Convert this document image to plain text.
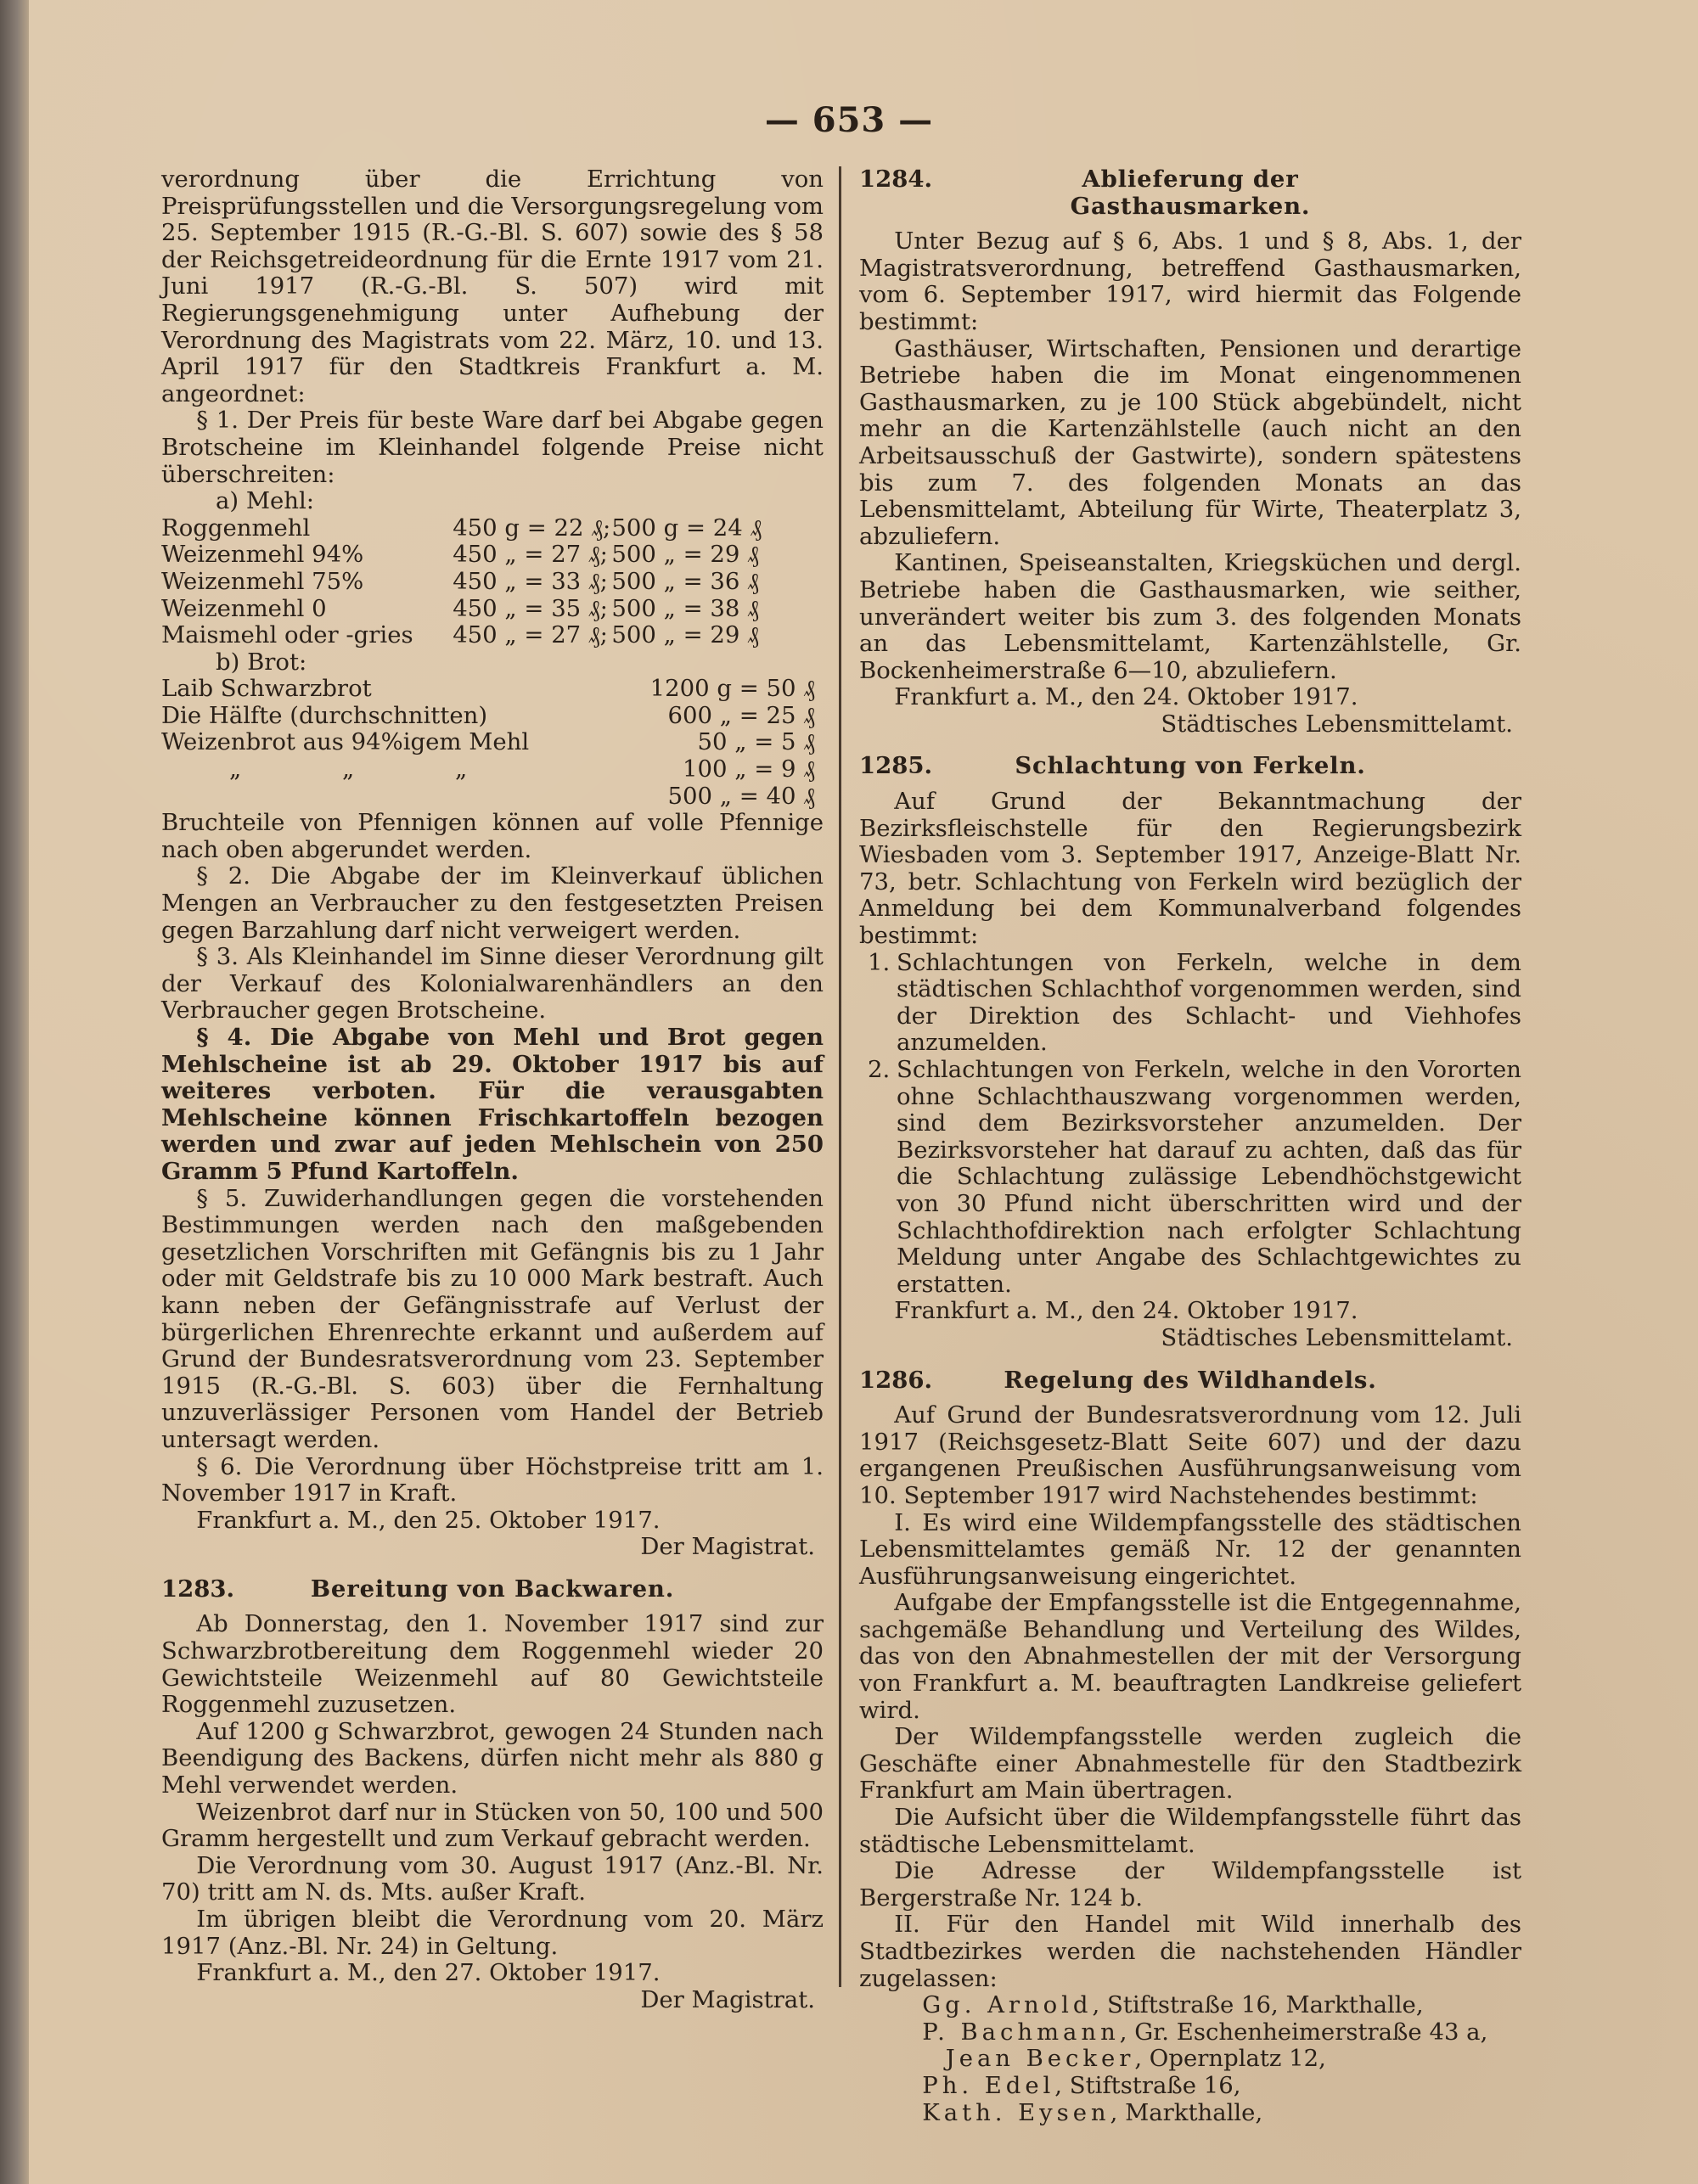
— 653 —

verordnung über die Errichtung von Preisprüfungsstellen und die Versorgungsregelung vom 25. September 1915 (R.-G.-Bl. S. 607) sowie des § 58 der Reichsgetreideordnung für die Ernte 1917 vom 21. Juni 1917 (R.-G.-Bl. S. 507) wird mit Regierungsgenehmigung unter Aufhebung der Verordnung des Magistrats vom 22. März, 10. und 13. April 1917 für den Stadtkreis Frankfurt a. M. angeordnet:

§ 1. Der Preis für beste Ware darf bei Abgabe gegen Brotscheine im Kleinhandel folgende Preise nicht überschreiten:

a) Mehl:
Roggenmehl	450 g = 22 ₰;	500 g = 24 ₰
Weizenmehl 94%	450 „ = 27 ₰;	500 „ = 29 ₰
Weizenmehl 75%	450 „ = 33 ₰;	500 „ = 36 ₰
Weizenmehl 0	450 „ = 35 ₰;	500 „ = 38 ₰
Maismehl oder -gries	450 „ = 27 ₰;	500 „ = 29 ₰
b) Brot:
Laib Schwarzbrot	1200 g = 50 ₰
Die Hälfte (durchschnitten)	600 „ = 25 ₰
Weizenbrot aus 94%igem Mehl	50 „ = 5 ₰
„ „ „	100 „ = 9 ₰
	500 „ = 40 ₰

Bruchteile von Pfennigen können auf volle Pfennige nach oben abgerundet werden.

§ 2. Die Abgabe der im Kleinverkauf üblichen Mengen an Verbraucher zu den festgesetzten Preisen gegen Barzahlung darf nicht verweigert werden.

§ 3. Als Kleinhandel im Sinne dieser Verordnung gilt der Verkauf des Kolonialwarenhändlers an den Verbraucher gegen Brotscheine.

§ 4. Die Abgabe von Mehl und Brot gegen Mehlscheine ist ab 29. Oktober 1917 bis auf weiteres verboten. Für die verausgabten Mehlscheine können Frischkartoffeln bezogen werden und zwar auf jeden Mehlschein von 250 Gramm 5 Pfund Kartoffeln.

§ 5. Zuwiderhandlungen gegen die vorstehenden Bestimmungen werden nach den maßgebenden gesetzlichen Vorschriften mit Gefängnis bis zu 1 Jahr oder mit Geldstrafe bis zu 10 000 Mark bestraft. Auch kann neben der Gefängnisstrafe auf Verlust der bürgerlichen Ehrenrechte erkannt und außerdem auf Grund der Bundesratsverordnung vom 23. September 1915 (R.-G.-Bl. S. 603) über die Fernhaltung unzuverlässiger Personen vom Handel der Betrieb untersagt werden.

§ 6. Die Verordnung über Höchstpreise tritt am 1. November 1917 in Kraft.

Frankfurt a. M., den 25. Oktober 1917.

Der Magistrat.

1283.	Bereitung von Backwaren.

Ab Donnerstag, den 1. November 1917 sind zur Schwarzbrotbereitung dem Roggenmehl wieder 20 Gewichtsteile Weizenmehl auf 80 Gewichtsteile Roggenmehl zuzusetzen.

Auf 1200 g Schwarzbrot, gewogen 24 Stunden nach Beendigung des Backens, dürfen nicht mehr als 880 g Mehl verwendet werden.

Weizenbrot darf nur in Stücken von 50, 100 und 500 Gramm hergestellt und zum Verkauf gebracht werden.

Die Verordnung vom 30. August 1917 (Anz.-Bl. Nr. 70) tritt am N. ds. Mts. außer Kraft.

Im übrigen bleibt die Verordnung vom 20. März 1917 (Anz.-Bl. Nr. 24) in Geltung.

Frankfurt a. M., den 27. Oktober 1917.

Der Magistrat.

1284.	Ablieferung der Gasthausmarken.

Unter Bezug auf § 6, Abs. 1 und § 8, Abs. 1, der Magistratsverordnung, betreffend Gasthausmarken, vom 6. September 1917, wird hiermit das Folgende bestimmt:

Gasthäuser, Wirtschaften, Pensionen und derartige Betriebe haben die im Monat eingenommenen Gasthausmarken, zu je 100 Stück abgebündelt, nicht mehr an die Kartenzählstelle (auch nicht an den Arbeitsausschuß der Gastwirte), sondern spätestens bis zum 7. des folgenden Monats an das Lebensmittelamt, Abteilung für Wirte, Theaterplatz 3, abzuliefern.

Kantinen, Speiseanstalten, Kriegsküchen und dergl. Betriebe haben die Gasthausmarken, wie seither, unverändert weiter bis zum 3. des folgenden Monats an das Lebensmittelamt, Kartenzählstelle, Gr. Bockenheimerstraße 6—10, abzuliefern.

Frankfurt a. M., den 24. Oktober 1917.

Städtisches Lebensmittelamt.

1285.	Schlachtung von Ferkeln.

Auf Grund der Bekanntmachung der Bezirksfleischstelle für den Regierungsbezirk Wiesbaden vom 3. September 1917, Anzeige-Blatt Nr. 73, betr. Schlachtung von Ferkeln wird bezüglich der Anmeldung bei dem Kommunalverband folgendes bestimmt:

1. Schlachtungen von Ferkeln, welche in dem städtischen Schlachthof vorgenommen werden, sind der Direktion des Schlacht- und Viehhofes anzumelden.
2. Schlachtungen von Ferkeln, welche in den Vororten ohne Schlachthauszwang vorgenommen werden, sind dem Bezirksvorsteher anzumelden. Der Bezirksvorsteher hat darauf zu achten, daß das für die Schlachtung zulässige Lebendhöchstgewicht von 30 Pfund nicht überschritten wird und der Schlachthofdirektion nach erfolgter Schlachtung Meldung unter Angabe des Schlachtgewichtes zu erstatten.

Frankfurt a. M., den 24. Oktober 1917.

Städtisches Lebensmittelamt.

1286.	Regelung des Wildhandels.

Auf Grund der Bundesratsverordnung vom 12. Juli 1917 (Reichsgesetz-Blatt Seite 607) und der dazu ergangenen Preußischen Ausführungsanweisung vom 10. September 1917 wird Nachstehendes bestimmt:

I. Es wird eine Wildempfangsstelle des städtischen Lebensmittelamtes gemäß Nr. 12 der genannten Ausführungsanweisung eingerichtet.

Aufgabe der Empfangsstelle ist die Entgegennahme, sachgemäße Behandlung und Verteilung des Wildes, das von den Abnahmestellen der mit der Versorgung von Frankfurt a. M. beauftragten Landkreise geliefert wird.

Der Wildempfangsstelle werden zugleich die Geschäfte einer Abnahmestelle für den Stadtbezirk Frankfurt am Main übertragen.

Die Aufsicht über die Wildempfangsstelle führt das städtische Lebensmittelamt.

Die Adresse der Wildempfangsstelle ist Bergerstraße Nr. 124 b.

II. Für den Handel mit Wild innerhalb des Stadtbezirkes werden die nachstehenden Händler zugelassen:

Gg. Arnold, Stiftstraße 16, Markthalle,
P. Bachmann, Gr. Eschenheimerstraße 43 a,
Jean Becker, Opernplatz 12,
Ph. Edel, Stiftstraße 16,
Kath. Eysen, Markthalle,
